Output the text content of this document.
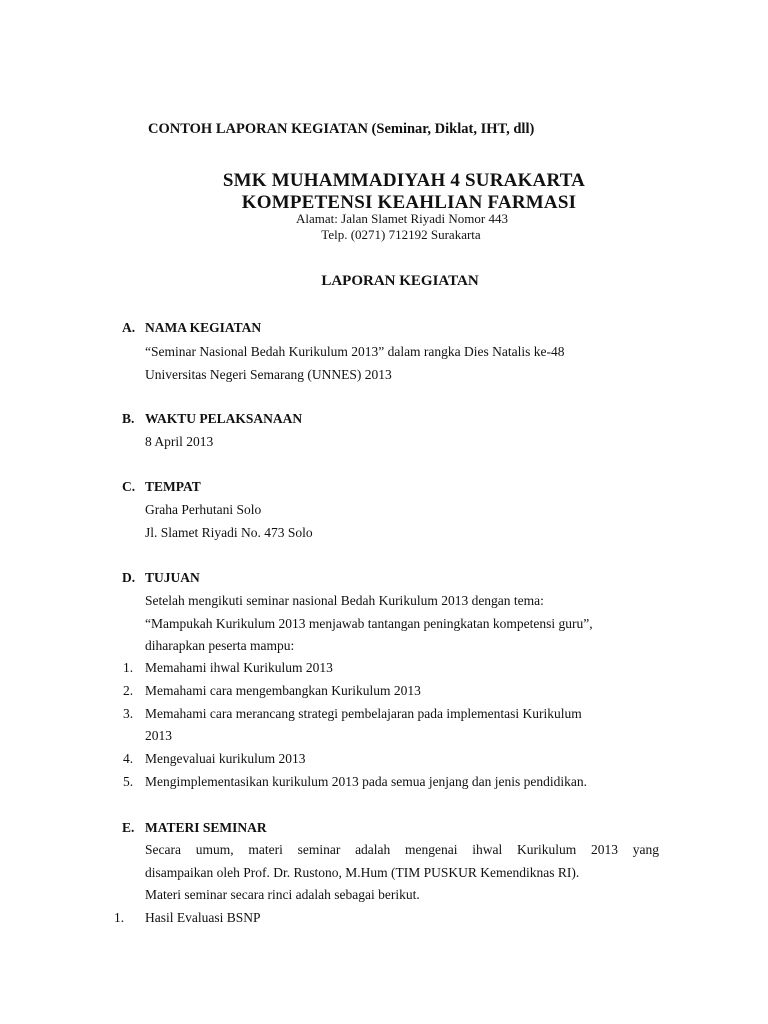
CONTOH LAPORAN KEGIATAN (Seminar, Diklat, IHT, dll)
SMK MUHAMMADIYAH 4 SURAKARTA
KOMPETENSI KEAHLIAN FARMASI
Alamat: Jalan Slamet Riyadi Nomor 443
Telp. (0271) 712192 Surakarta
LAPORAN KEGIATAN
A. NAMA KEGIATAN
“Seminar Nasional Bedah Kurikulum 2013” dalam rangka Dies Natalis ke-48
Universitas Negeri Semarang (UNNES) 2013
B. WAKTU PELAKSANAAN
8 April 2013
C. TEMPAT
Graha Perhutani Solo
Jl. Slamet Riyadi No. 473 Solo
D. TUJUAN
Setelah mengikuti seminar nasional Bedah Kurikulum 2013 dengan tema:
“Mampukah Kurikulum 2013 menjawab tantangan peningkatan kompetensi guru”,
diharapkan peserta mampu:
1. Memahami ihwal Kurikulum 2013
2. Memahami cara mengembangkan Kurikulum 2013
3. Memahami cara merancang strategi pembelajaran pada implementasi Kurikulum
2013
4. Mengevaluai kurikulum 2013
5. Mengimplementasikan kurikulum 2013 pada semua jenjang dan jenis pendidikan.
E. MATERI SEMINAR
Secara umum, materi seminar adalah mengenai ihwal Kurikulum 2013 yang
disampaikan oleh Prof. Dr. Rustono, M.Hum (TIM PUSKUR Kemendiknas RI).
Materi seminar secara rinci adalah sebagai berikut.
1. Hasil Evaluasi BSNP
